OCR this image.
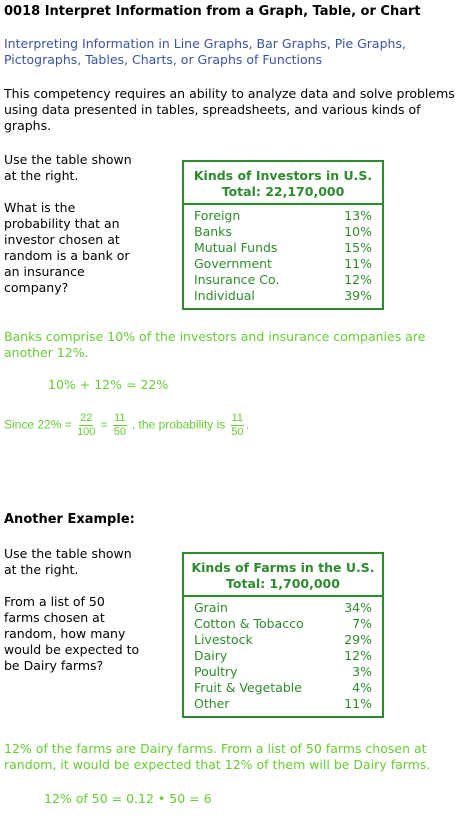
0018 Interpret Information from a Graph, Table, or Chart
Interpreting Information in Line Graphs, Bar Graphs, Pie Graphs, Pictographs, Tables, Charts, or Graphs of Functions
This competency requires an ability to analyze data and solve problems using data presented in tables, spreadsheets, and various kinds of graphs.
Use the table shown
at the right.
What is the
probability that an
investor chosen at
random is a bank or
an insurance
company?
Kinds of Investors in U.S.
Total: 22,170,000
Foreign	13%
Banks	10%
Mutual Funds	15%
Government	11%
Insurance Co.	12%
Individual	39%
Banks comprise 10% of the investors and insurance companies are another 12%.
10% + 12% = 22%
Since $22\% = \frac{22}{100} = \frac{11}{50}$ , the probability is $\frac{11}{50}$ .
Another Example:
Use the table shown
at the right.
From a list of 50
farms chosen at
random, how many
would be expected to
be Dairy farms?
Kinds of Farms in the U.S.
Total: 1,700,000
Grain	34%
Cotton & Tobacco	7%
Livestock	29%
Dairy	12%
Poultry	3%
Fruit & Vegetable	4%
Other	11%
12% of the farms are Dairy farms. From a list of 50 farms chosen at random, it would be expected that 12% of them will be Dairy farms.
12% of 50 = 0.12 • 50 = 6
